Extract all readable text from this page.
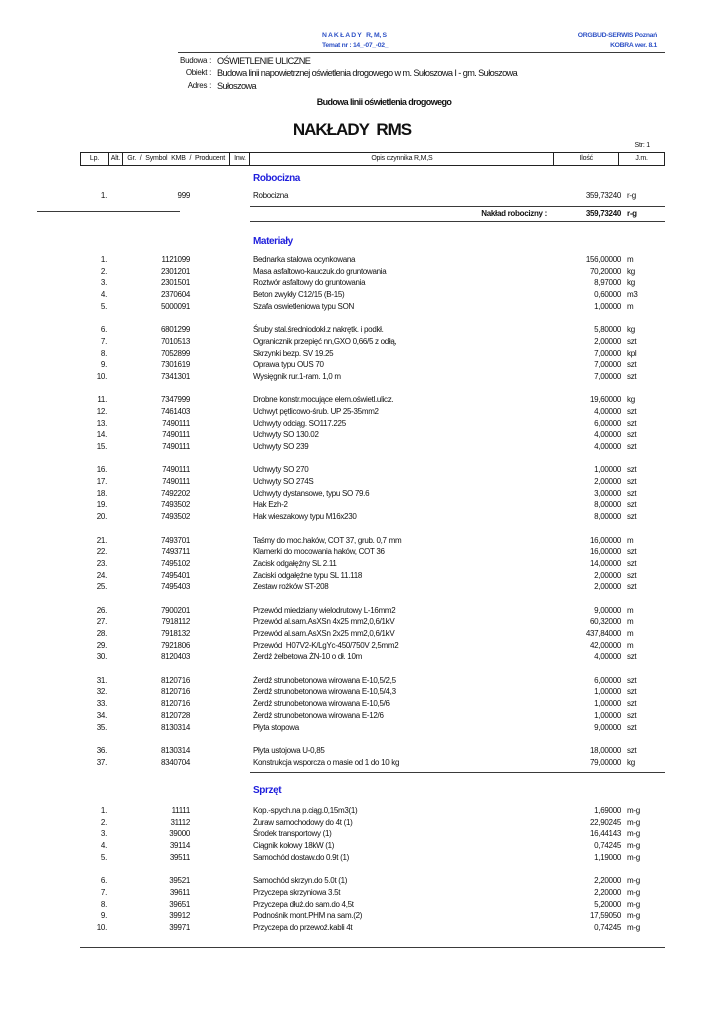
N A K Ł A D Y   R, M, S
Temat nr : 14_-07_-02_
ORGBUD-SERWIS Poznań
KOBRA wer. 8.1
Budowa : OŚWIETLENIE ULICZNE
Obiekt : Budowa linii napowietrznej oświetlenia drogowego w m. Sułoszowa I - gm. Sułoszowa
Adres : Sułoszowa
Budowa linii oświetlenia drogowego
NAKŁADY RMS
Str: 1
Lp.	Alt.	Gr. / Symbol KMB / Producent	Inw.	Opis czynnika R,M,S	Ilość	J.m.
Robocizna
1.	999	Robocizna	359,73240 r-g
Nakład robocizny :	359,73240 r-g
Materiały
1.	1121099	Bednarka stalowa ocynkowana	156,00000 m
2.	2301201	Masa asfaltowo-kauczuk.do gruntowania	70,20000 kg
3.	2301501	Roztwór asfaltowy do gruntowania	8,97000 kg
4.	2370604	Beton zwykły C12/15 (B-15)	0,60000 m3
5.	5000091	Szafa oswietleniowa typu SON	1,00000 m
6.	6801299	Śruby stal.średniodokł.z nakrętk. i podkł.	5,80000 kg
7.	7010513	Ogranicznik przepięć nn,GXO 0,66/5 z odłą,	2,00000 szt
8.	7052899	Skrzynki bezp. SV 19.25	7,00000 kpl
9.	7301619	Oprawa typu OUS 70	7,00000 szt
10.	7341301	Wysięgnik rur.1-ram. 1,0 m	7,00000 szt
11.	7347999	Drobne konstr.mocujące elem.oświetl.ulicz.	19,60000 kg
12.	7461403	Uchwyt pętlicowo-śrub. UP 25-35mm2	4,00000 szt
13.	7490111	Uchwyty odciąg. SO117.225	6,00000 szt
14.	7490111	Uchwyty SO 130.02	4,00000 szt
15.	7490111	Uchwyty SO 239	4,00000 szt
16.	7490111	Uchwyty SO 270	1,00000 szt
17.	7490111	Uchwyty SO 274S	2,00000 szt
18.	7492202	Uchwyty dystansowe, typu SO 79.6	3,00000 szt
19.	7493502	Hak Ezh-2	8,00000 szt
20.	7493502	Hak wieszakowy typu M16x230	8,00000 szt
21.	7493701	Taśmy do moc.haków, COT 37, grub. 0,7 mm	16,00000 m
22.	7493711	Klamerki do mocowania haków, COT 36	16,00000 szt
23.	7495102	Zacisk odgałęźny SL 2.11	14,00000 szt
24.	7495401	Zaciski odgałęźne typu SL 11.118	2,00000 szt
25.	7495403	Zestaw rożków ST-208	2,00000 szt
26.	7900201	Przewód miedziany wielodrutowy L-16mm2	9,00000 m
27.	7918112	Przewód al.sam.AsXSn 4x25 mm2,0,6/1kV	60,32000 m
28.	7918132	Przewód al.sam.AsXSn 2x25 mm2,0,6/1kV	437,84000 m
29.	7921806	Przewód  H07V2-K/LgYc-450/750V 2,5mm2	42,00000 m
30.	8120403	Żerdź żelbetowa ŻN-10 o dł. 10m	4,00000 szt
31.	8120716	Żerdź strunobetonowa wirowana E-10,5/2,5	6,00000 szt
32.	8120716	Żerdź strunobetonowa wirowana E-10,5/4,3	1,00000 szt
33.	8120716	Żerdź strunobetonowa wirowana E-10,5/6	1,00000 szt
34.	8120728	Żerdź strunobetonowa wirowana E-12/6	1,00000 szt
35.	8130314	Płyta stopowa	9,00000 szt
36.	8130314	Płyta ustojowa U-0,85	18,00000 szt
37.	8340704	Konstrukcja wsporcza o masie od 1 do 10 kg	79,00000 kg
Sprzęt
1.	11111	Kop.-spych.na p.ciąg.0,15m3(1)	1,69000 m-g
2.	31112	Żuraw samochodowy do 4t (1)	22,90245 m-g
3.	39000	Środek transportowy (1)	16,44143 m-g
4.	39114	Ciągnik kołowy 18kW (1)	0,74245 m-g
5.	39511	Samochód dostaw.do 0.9t (1)	1,19000 m-g
6.	39521	Samochód skrzyn.do 5.0t (1)	2,20000 m-g
7.	39611	Przyczepa skrzyniowa 3.5t	2,20000 m-g
8.	39651	Przyczepa dłuż.do sam.do 4,5t	5,20000 m-g
9.	39912	Podnośnik mont.PHM na sam.(2)	17,59050 m-g
10.	39971	Przyczepa do przewoź.kabli 4t	0,74245 m-g
